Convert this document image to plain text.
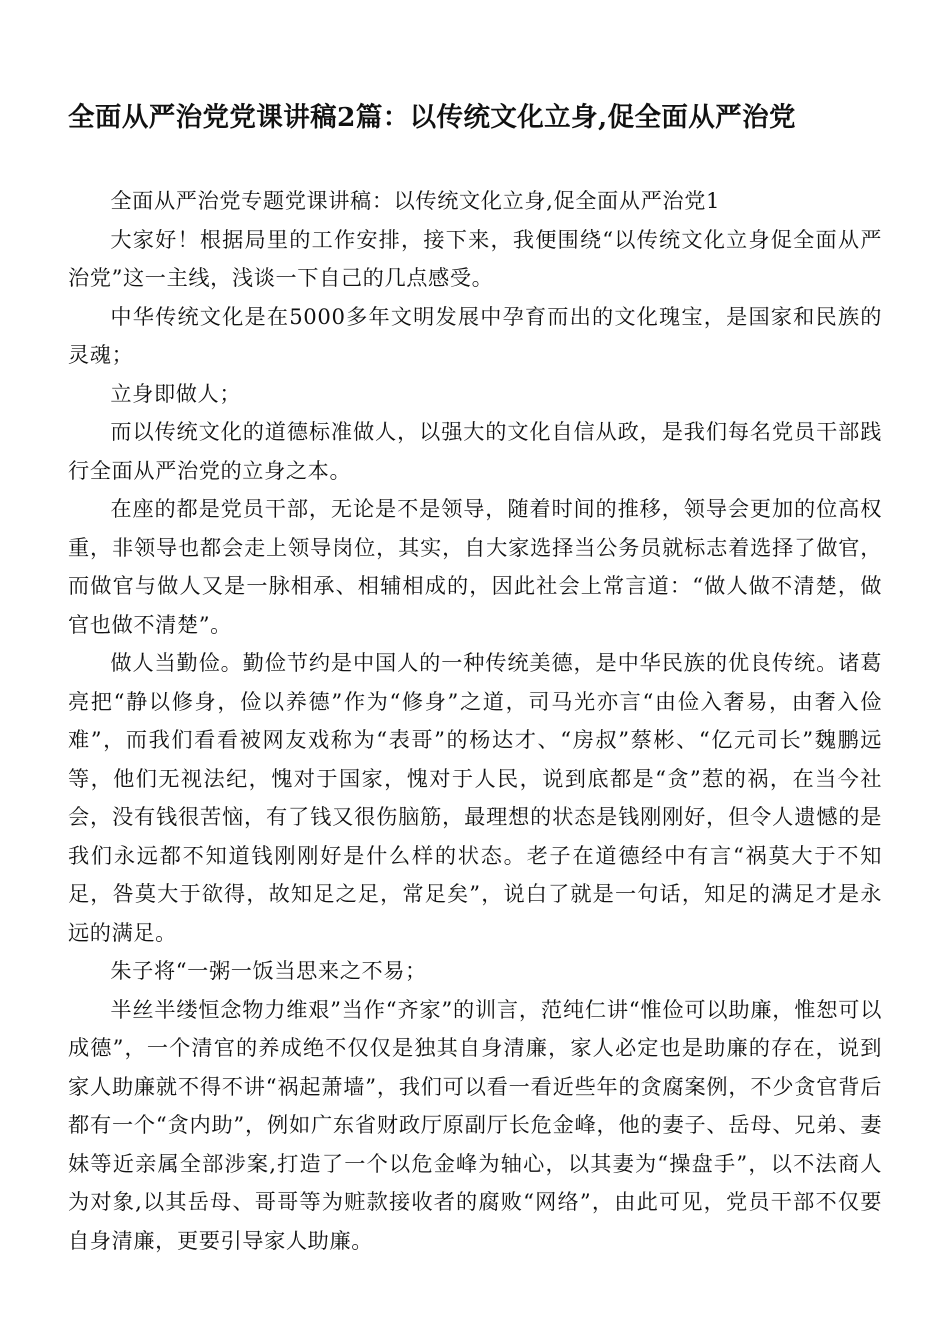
全面从严治党党课讲稿2篇：以传统文化立身,促全面从严治党

全面从严治党专题党课讲稿：以传统文化立身,促全面从严治党1

大家好！根据局里的工作安排，接下来，我便围绕“以传统文化立身促全面从严治党”这一主线，浅谈一下自己的几点感受。

中华传统文化是在5000多年文明发展中孕育而出的文化瑰宝，是国家和民族的灵魂；

立身即做人；

而以传统文化的道德标准做人，以强大的文化自信从政，是我们每名党员干部践行全面从严治党的立身之本。

在座的都是党员干部，无论是不是领导，随着时间的推移，领导会更加的位高权重，非领导也都会走上领导岗位，其实，自大家选择当公务员就标志着选择了做官，而做官与做人又是一脉相承、相辅相成的，因此社会上常言道：“做人做不清楚，做官也做不清楚”。

做人当勤俭。勤俭节约是中国人的一种传统美德，是中华民族的优良传统。诸葛亮把“静以修身，俭以养德”作为“修身”之道，司马光亦言“由俭入奢易，由奢入俭难”，而我们看看被网友戏称为“表哥”的杨达才、“房叔”蔡彬、“亿元司长”魏鹏远等，他们无视法纪，愧对于国家，愧对于人民，说到底都是“贪”惹的祸，在当今社会，没有钱很苦恼，有了钱又很伤脑筋，最理想的状态是钱刚刚好，但令人遗憾的是我们永远都不知道钱刚刚好是什么样的状态。老子在道德经中有言“祸莫大于不知足，咎莫大于欲得，故知足之足，常足矣”，说白了就是一句话，知足的满足才是永远的满足。

朱子将“一粥一饭当思来之不易；

半丝半缕恒念物力维艰”当作“齐家”的训言，范纯仁讲“惟俭可以助廉，惟恕可以成德”，一个清官的养成绝不仅仅是独其自身清廉，家人必定也是助廉的存在，说到家人助廉就不得不讲“祸起萧墙”，我们可以看一看近些年的贪腐案例，不少贪官背后都有一个“贪内助”，例如广东省财政厅原副厅长危金峰，他的妻子、岳母、兄弟、妻妹等近亲属全部涉案,打造了一个以危金峰为轴心，以其妻为“操盘手”，以不法商人为对象,以其岳母、哥哥等为赃款接收者的腐败“网络”，由此可见，党员干部不仅要自身清廉，更要引导家人助廉。
